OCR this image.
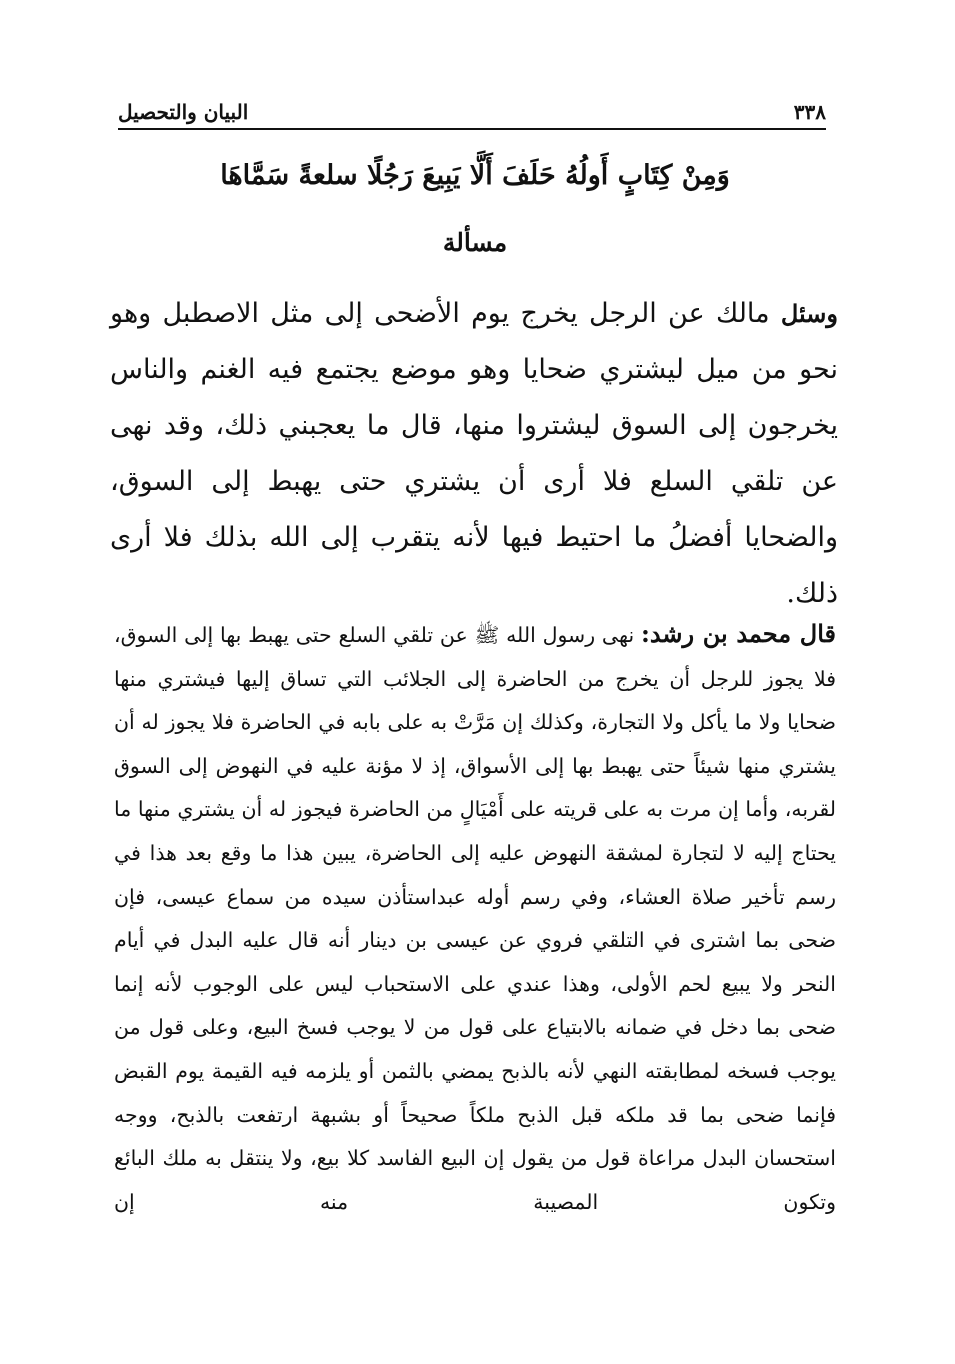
٣٣٨
البيان والتحصيل
وَمِنْ كِتَابٍ أَولُهُ حَلَفَ أَلَّا يَبِيعَ رَجُلًا سلعةً سَمَّاهَا
مسألة

وسئل مالك عن الرجل يخرج يوم الأضحى إلى مثل الاصطبل وهو نحو من ميل ليشتري ضحايا وهو موضع يجتمع فيه الغنم والناس يخرجون إلى السوق ليشتروا منها، قال ما يعجبني ذلك، وقد نهى عن تلقي السلع فلا أرى أن يشتري حتى يهبط إلى السوق، والضحايا أفضلُ ما احتيط فيها لأنه يتقرب إلى الله بذلك فلا أرى ذلك.

قال محمد بن رشد: نهى رسول الله ﷺ عن تلقي السلع حتى يهبط بها إلى السوق، فلا يجوز للرجل أن يخرج من الحاضرة إلى الجلائب التي تساق إليها فيشتري منها ضحايا ولا ما يأكل ولا التجارة، وكذلك إن مَرَّتْ به على بابه في الحاضرة فلا يجوز له أن يشتري منها شيئاً حتى يهبط بها إلى الأسواق، إذ لا مؤنة عليه في النهوض إلى السوق لقربه، وأما إن مرت به على قريته على أَمْيَالٍ من الحاضرة فيجوز له أن يشتري منها ما يحتاج إليه لا لتجارة لمشقة النهوض عليه إلى الحاضرة، يبين هذا ما وقع بعد هذا في رسم تأخير صلاة العشاء، وفي رسم أوله عبداستأذن سيده من سماع عيسى، فإن ضحى بما اشترى في التلقي فروي عن عيسى بن دينار أنه قال عليه البدل في أيام النحر ولا يبيع لحم الأولى، وهذا عندي على الاستحباب ليس على الوجوب لأنه إنما ضحى بما دخل في ضمانه بالابتياع على قول من لا يوجب فسخ البيع، وعلى قول من يوجب فسخه لمطابقته النهي لأنه بالذبح يمضي بالثمن أو يلزمه فيه القيمة يوم القبض فإنما ضحى بما قد ملكه قبل الذبح ملكاً صحيحاً أو بشبهة ارتفعت بالذبح، ووجه استحسان البدل مراعاة قول من يقول إن البيع الفاسد كلا بيع، ولا ينتقل به ملك البائع وتكون المصيبة منه إن
